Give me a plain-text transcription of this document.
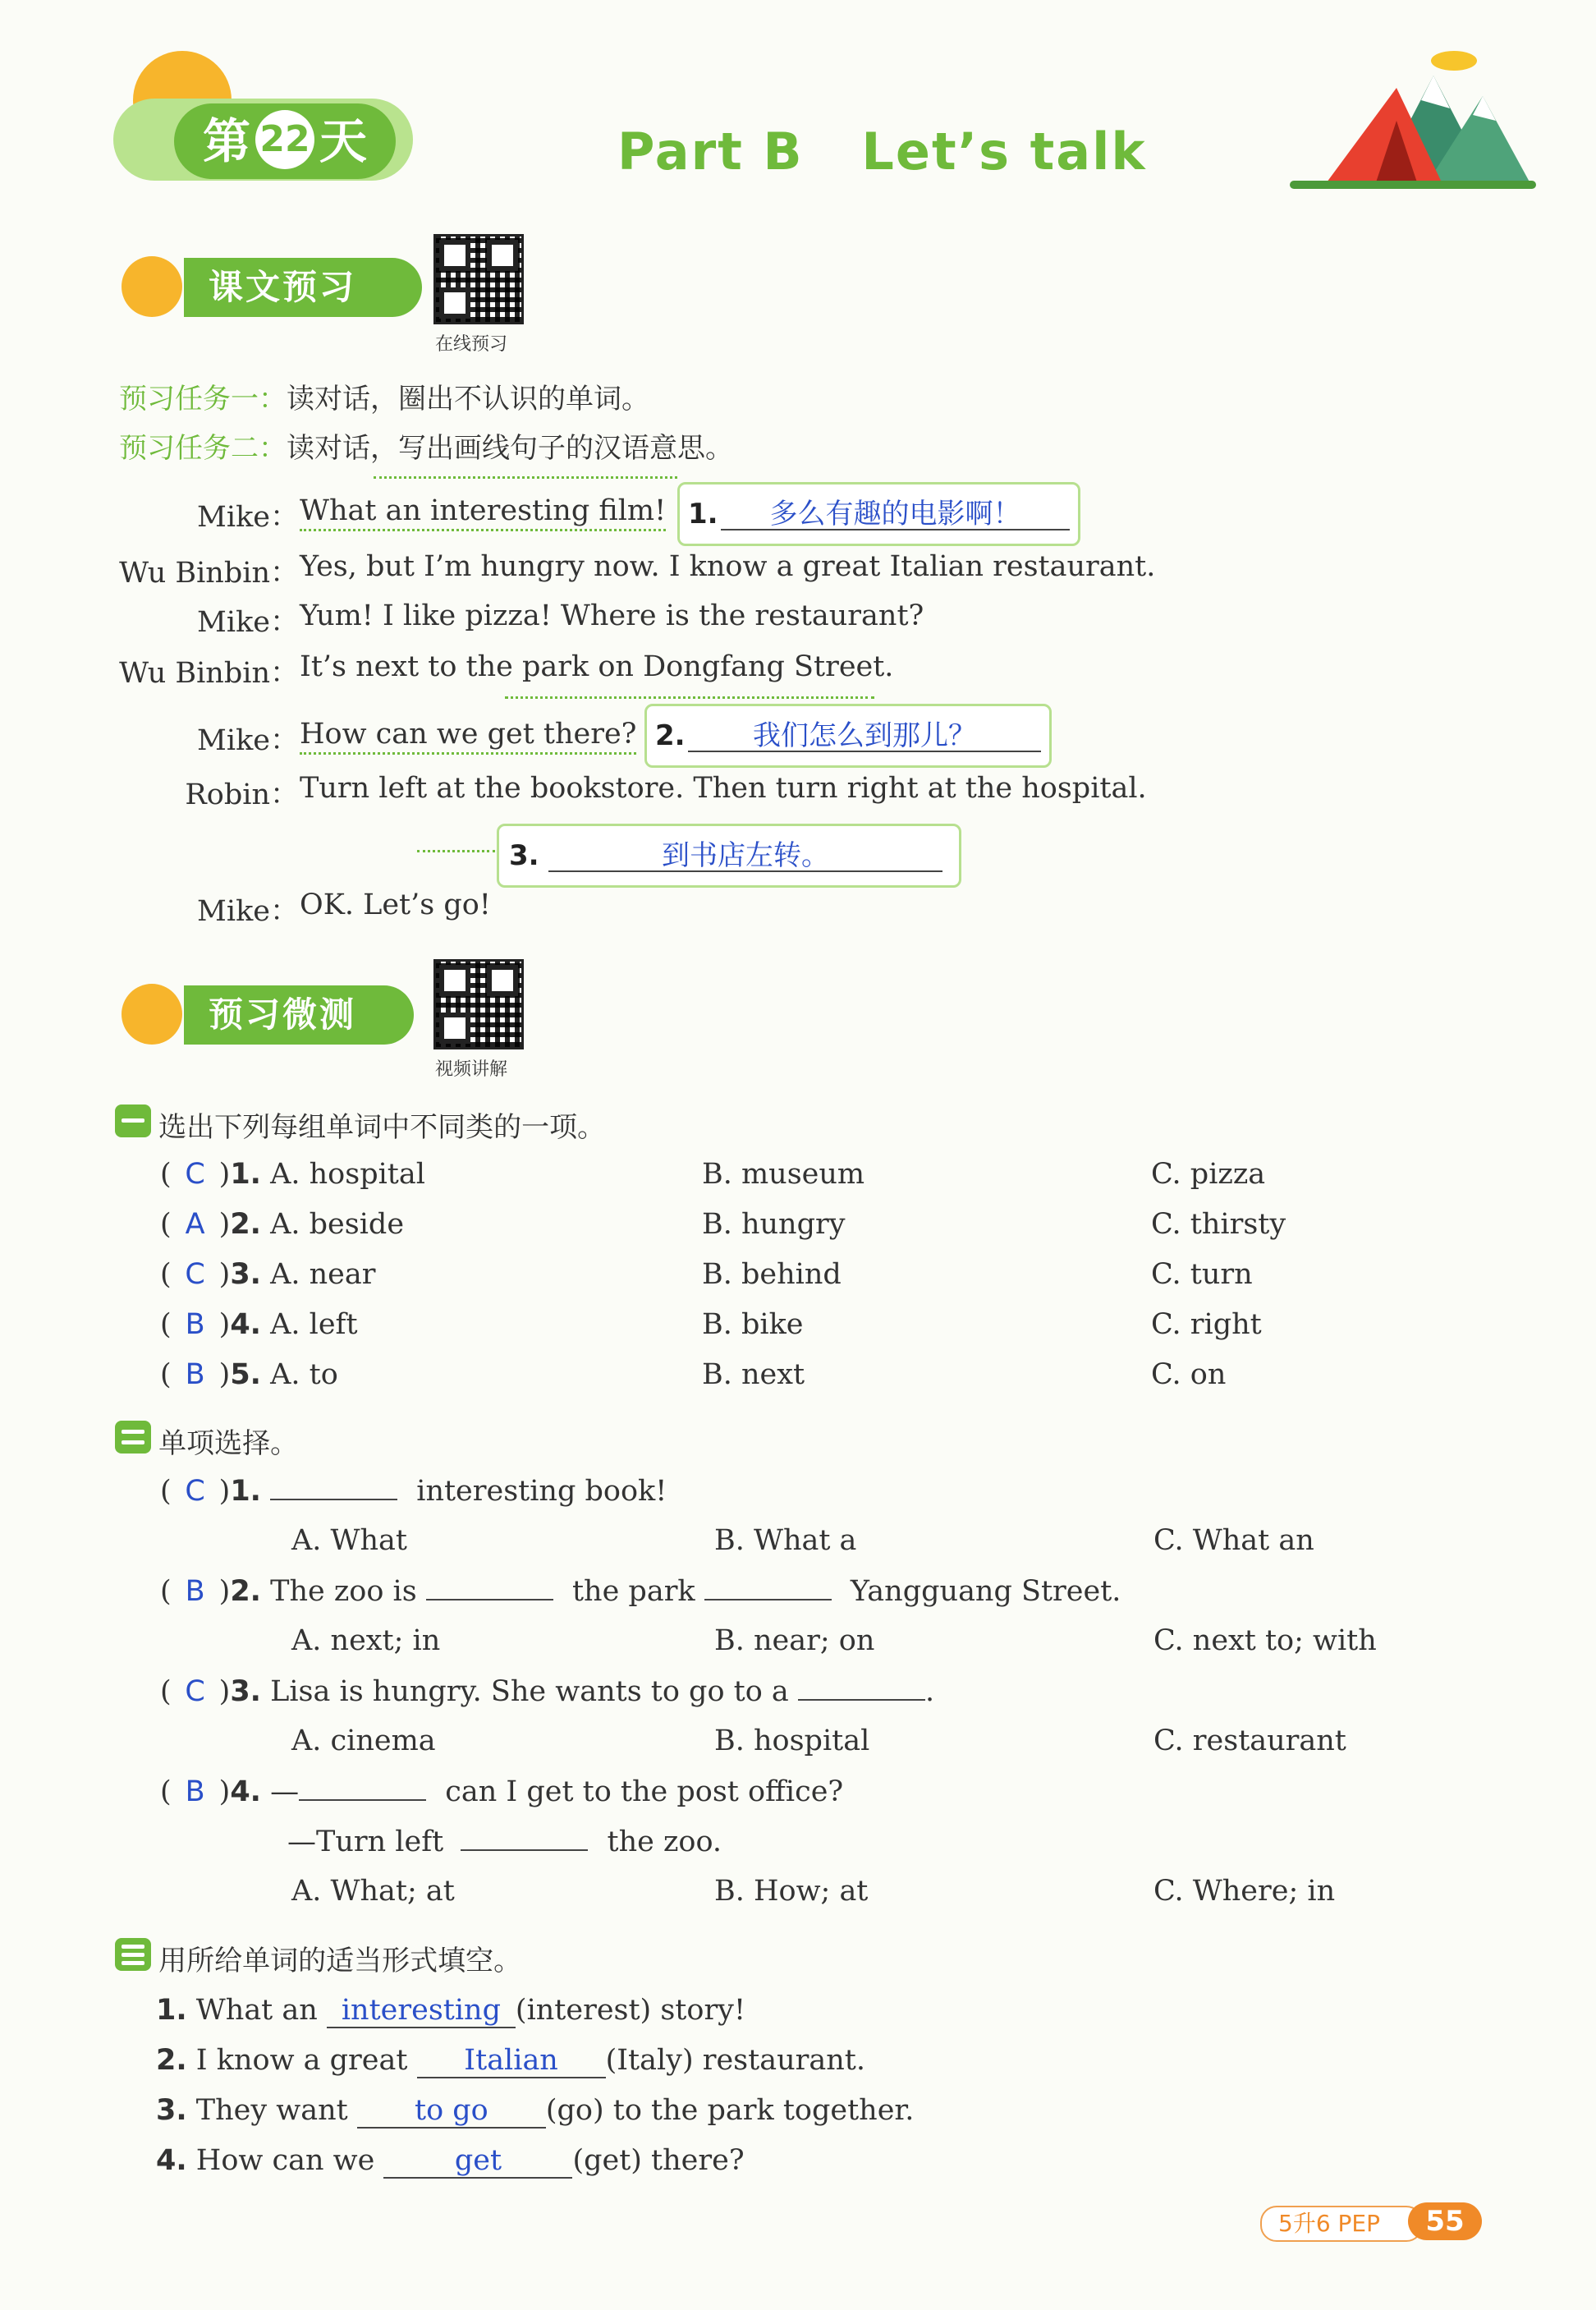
第 22 天	Part B   Let’s talk
课文预习
在线预习
预习任务一：读对话，圈出不认识的单词。
预习任务二：读对话，写出画线句子的汉语意思。
Mike： What an interesting film!
Wu Binbin： Yes, but I’m hungry now. I know a great Italian restaurant.
Mike： Yum! I like pizza! Where is the restaurant?
Wu Binbin： It’s next to the park on Dongfang Street.
Mike： How can we get there?
Robin： Turn left at the bookstore. Then turn right at the hospital.
Mike： OK. Let’s go!
1.	多么有趣的电影啊！
2.	我们怎么到那儿？
3.	到书店左转。
预习微测
视频讲解
选出下列每组单词中不同类的一项。
( C )1. A. hospital	B. museum	C. pizza
( A )2. A. beside	B. hungry	C. thirsty
( C )3. A. near	B. behind	C. turn
( B )4. A. left	B. bike	C. right
( B )5. A. to	B. next	C. on
单项选择。
( C )1.	interesting book!
A. What	B. What a	C. What an
( B )2. The zoo is	the park	Yangguang Street.
A. next; in	B. near; on	C. next to; with
( C )3. Lisa is hungry. She wants to go to a	.
A. cinema	B. hospital	C. restaurant
( B )4. —	can I get to the post office?
—Turn left	the zoo.
A. What; at	B. How; at	C. Where; in
用所给单词的适当形式填空。
1. What an interesting (interest) story!
2. I know a great Italian (Italy) restaurant.
3. They want to go (go) to the park together.
4. How can we	get (get) there?
5升6 PEP	55
